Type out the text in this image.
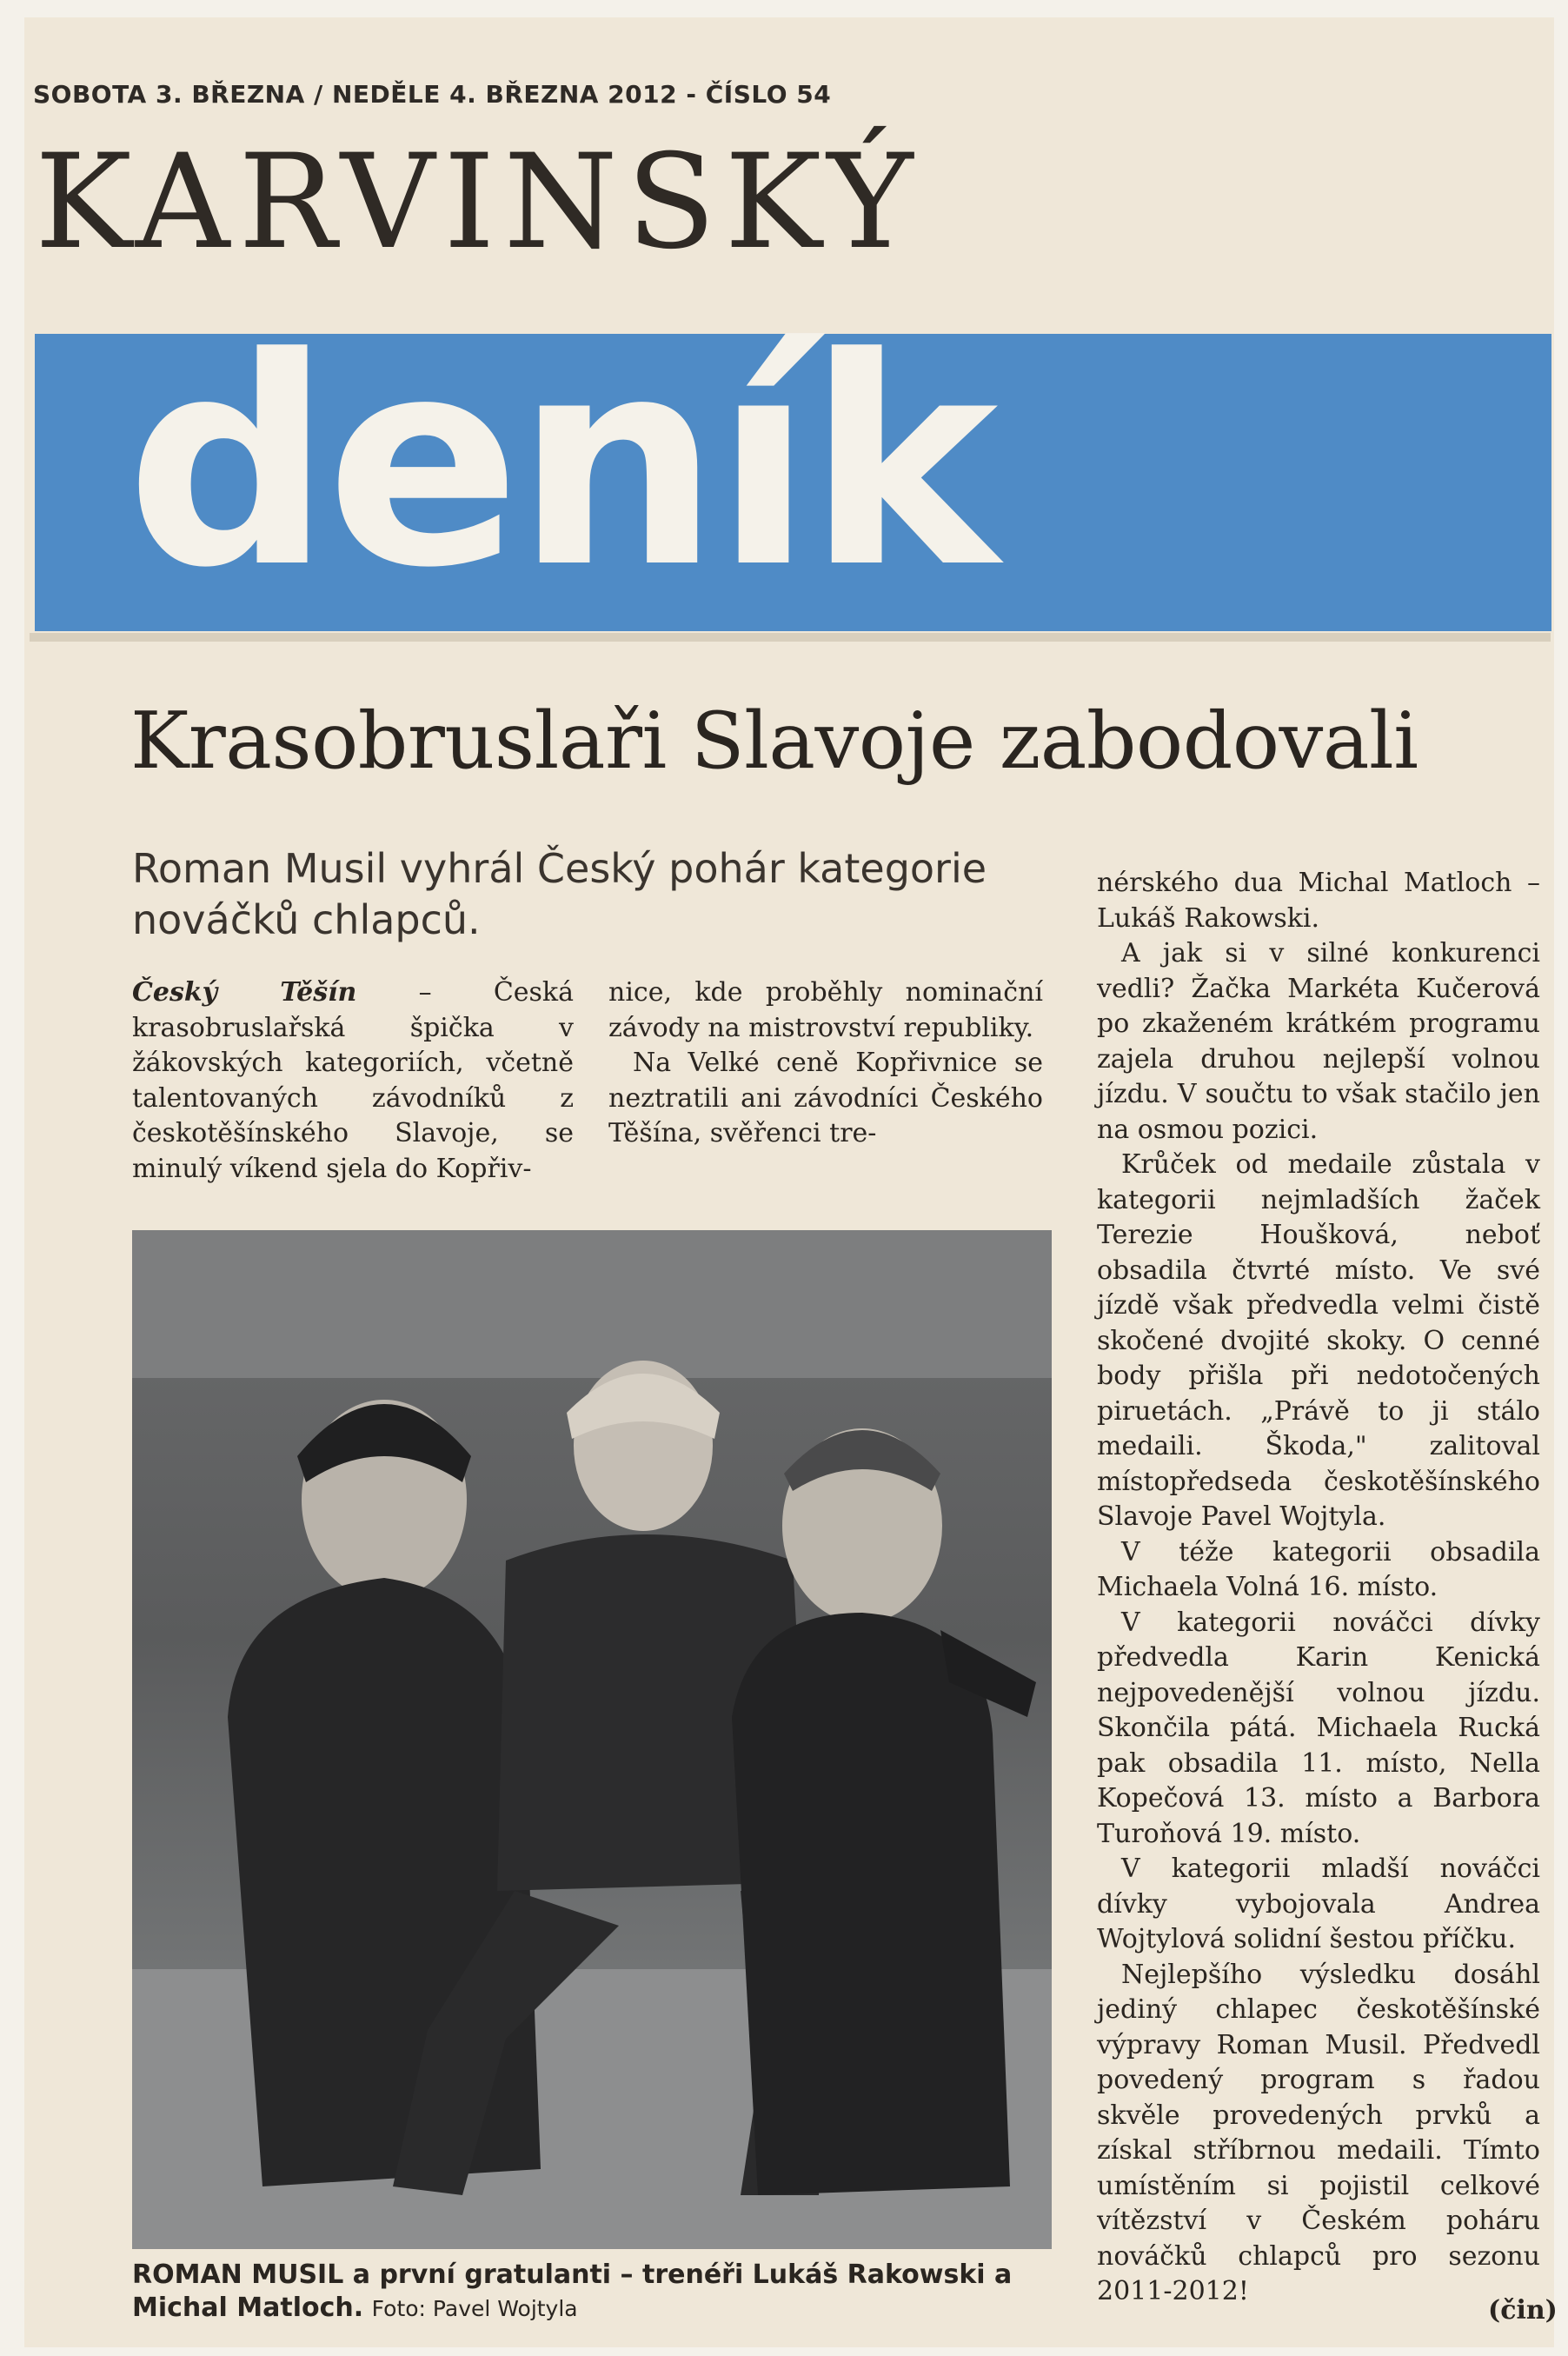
SOBOTA 3. BŘEZNA / NEDĚLE 4. BŘEZNA 2012 - ČÍSLO 54
KARVINSKÝ
deník
Krasobruslaři Slavoje zabodovali
Roman Musil vyhrál Český pohár kategorie nováčků chlapců.

Český Těšín – Česká krasobruslařská špička v žákovských kategoriích, včetně talentovaných závodníků z českotěšínského Slavoje, se minulý víkend sjela do Kopřiv-

nice, kde proběhly nominační závody na mistrovství republiky.

Na Velké ceně Kopřivnice se neztratili ani závodníci Českého Těšína, svěřenci tre-

nérského dua Michal Matloch – Lukáš Rakowski.

A jak si v silné konkurenci vedli? Žačka Markéta Kučerová po zkaženém krátkém programu zajela druhou nejlepší volnou jízdu. V součtu to však stačilo jen na osmou pozici.

Krůček od medaile zůstala v kategorii nejmladších žaček Terezie Houšková, neboť obsadila čtvrté místo. Ve své jízdě však předvedla velmi čistě skočené dvojité skoky. O cenné body přišla při nedotočených piruetách. „Právě to ji stálo medaili. Škoda," zalitoval místopředseda českotěšínského Slavoje Pavel Wojtyla.

V téže kategorii obsadila Michaela Volná 16. místo.

V kategorii nováčci dívky předvedla Karin Kenická nejpovedenější volnou jízdu. Skončila pátá. Michaela Rucká pak obsadila 11. místo, Nella Kopečová 13. místo a Barbora Turoňová 19. místo.

V kategorii mladší nováčci dívky vybojovala Andrea Wojtylová solidní šestou příčku.

Nejlepšího výsledku dosáhl jediný chlapec českotěšínské výpravy Roman Musil. Předvedl povedený program s řadou skvěle provedených prvků a získal stříbrnou medaili. Tímto umístěním si pojistil celkové vítězství v Českém poháru nováčků chlapců pro sezonu 2011-2012!

ROMAN MUSIL a první gratulanti – trenéři Lukáš Rakowski a Michal Matloch. Foto: Pavel Wojtyla	(čin)
